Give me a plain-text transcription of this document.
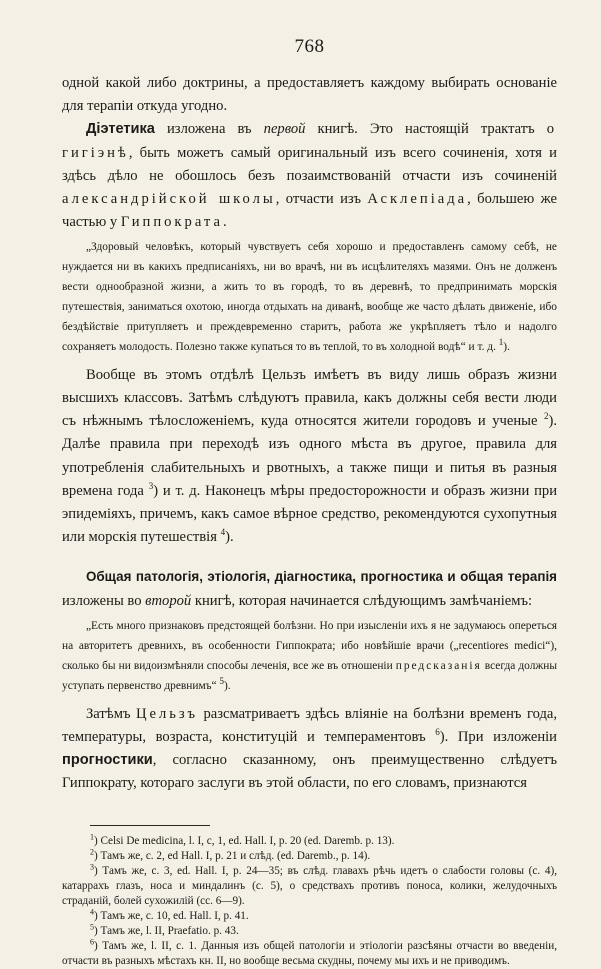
768

одной какой либо доктрины, а предоставляетъ каждому выбирать основанiе для терапiи откуда угодно.

Дiэтетика изложена въ первой книгѣ. Это настоящiй трактатъ о гигiэнѣ, быть можетъ самый оригинальный изъ всего сочиненiя, хотя и здѣсь дѣло не обошлось безъ позаимствованiй отчасти изъ сочиненiй александрiйской школы, отчасти изъ Асклепiада, большею же частью у Гиппократа.

„Здоровый человѣкъ, который чувствуетъ себя хорошо и предоставленъ самому себѣ, не нуждается ни въ какихъ предписанiяхъ, ни во врачѣ, ни въ исцѣлителяхъ мазями. Онъ не долженъ вести однообразной жизни, а жить то въ городѣ, то въ деревнѣ, то предпринимать морскiя путешествiя, заниматься охотою, иногда отдыхать на диванѣ, вообще же часто дѣлать движенiе, ибо бездѣйствiе притупляетъ и преждевременно старитъ, работа же укрѣпляетъ тѣло и надолго сохраняетъ молодость. Полезно также купаться то въ теплой, то въ холодной водѣ“ и т. д. $^1$).

Вообще въ этомъ отдѣлѣ Цельзъ имѣетъ въ виду лишь образъ жизни высшихъ классовъ. Затѣмъ слѣдуютъ правила, какъ должны себя вести люди съ нѣжнымъ тѣлосложенiемъ, куда относятся жители городовъ и ученые $^2$). Далѣе правила при переходѣ изъ одного мѣста въ другое, правила для употребленiя слабительныхъ и рвотныхъ, а также пищи и питья въ разныя времена года $^3$) и т. д. Наконецъ мѣры предосторожности и образъ жизни при эпидемiяхъ, причемъ, какъ самое вѣрное средство, рекомендуются сухопутныя или морскiя путешествiя $^4$).

Общая патологiя, этiологiя, дiагностика, прогностика и общая терапiя изложены во второй книгѣ, которая начинается слѣдующимъ замѣчанiемъ:

„Есть много признаковъ предстоящей болѣзни. Но при изысленiи ихъ я не задумаюсь опереться на авторитетъ древнихъ, въ особенности Гиппократа; ибо новѣйшiе врачи („recentiores medici“), сколько бы ни видоизмѣняли способы леченiя, все же въ отношенiи предсказанiя всегда должны уступать первенство древнимъ“ $^5$).

Затѣмъ Цельзъ разсматриваетъ здѣсь влiянiе на болѣзни временъ года, температуры, возраста, конституцiй и темпераментовъ $^6$). При изложенiи прогностики, согласно сказанному, онъ преимущественно слѣдуетъ Гиппократу, котораго заслуги въ этой области, по его словамъ, признаются

$^1$) Celsi De medicina, l. I, c, 1, ed. Hall. I, p. 20 (ed. Daremb. p. 13).

$^2$) Тамъ же, c. 2, ed Hall. I, p. 21 и слѣд. (ed. Daremb., p. 14).

$^3$) Тамъ же, c. 3, ed. Hall. I, p. 24—35; въ слѣд. главахъ рѣчь идетъ о слабости головы (c. 4), катаррахъ глазъ, носа и миндалинъ (c. 5), о средствахъ противъ поноса, колики, желудочныхъ страданiй, болей сухожилiй (cc. 6—9).

$^4$) Тамъ же, c. 10, ed. Hall. I, p. 41.

$^5$) Тамъ же, l. II, Praefatio. p. 43.

$^6$) Тамъ же, l. II, c. 1. Данныя изъ общей патологiи и этiологiи разсѣяны отчасти во введенiи, отчасти въ разныхъ мѣстахъ кн. II, но вообще весьма скудны, почему мы ихъ и не приводимъ.
